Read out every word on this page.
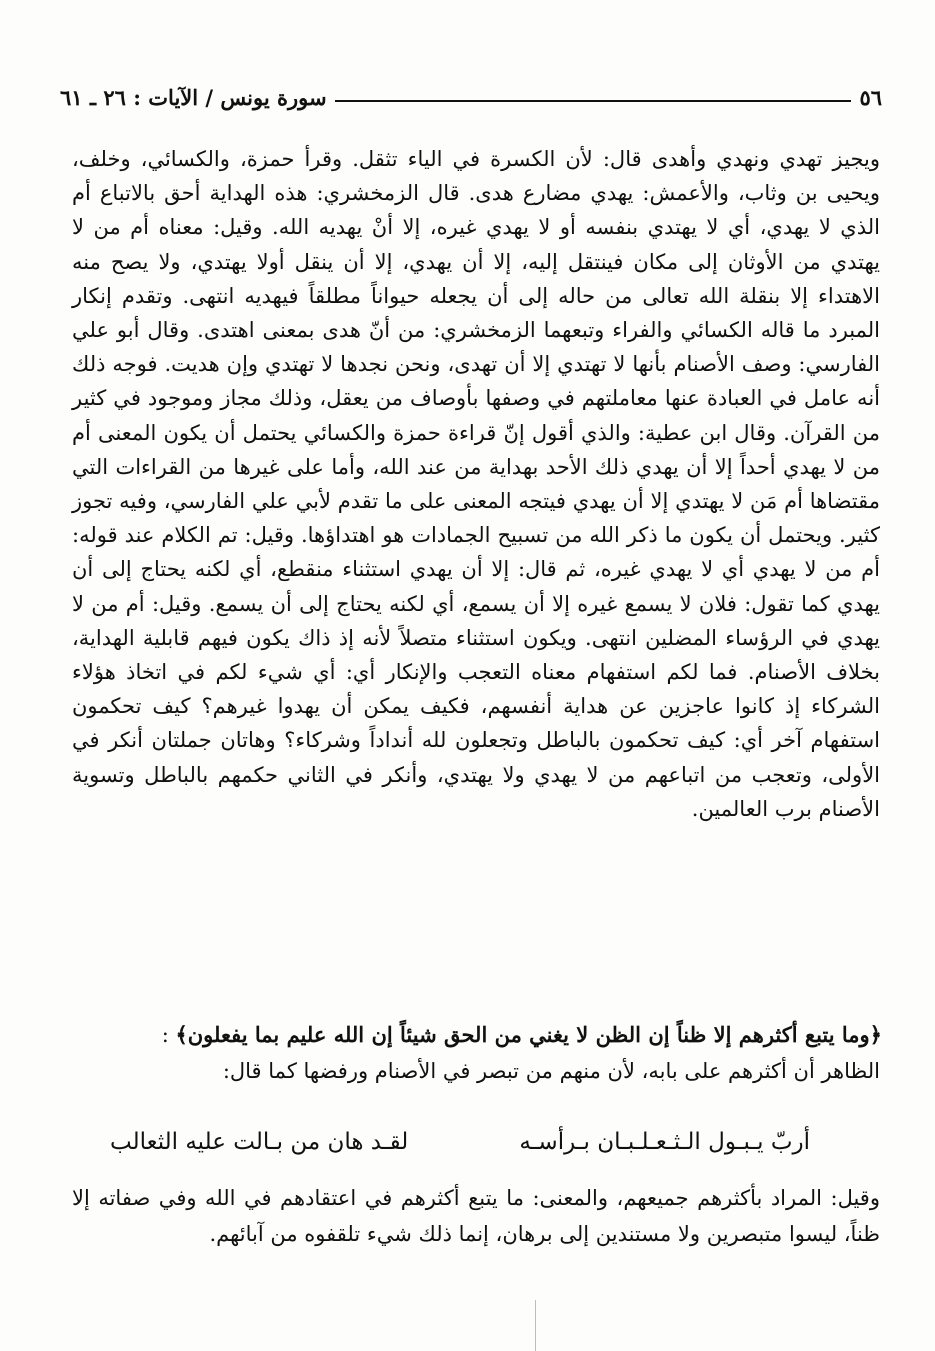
٥٦
سورة يونس / الآيات : ٢٦ ـ ٦١

ويجيز تهدي ونهدي وأهدى قال: لأن الكسرة في الياء تثقل. وقرأ حمزة، والكسائي، وخلف، ويحيى بن وثاب، والأعمش: يهدي مضارع هدى. قال الزمخشري: هذه الهداية أحق بالاتباع أم الذي لا يهدي، أي لا يهتدي بنفسه أو لا يهدي غيره، إلا أنْ يهديه الله. وقيل: معناه أم من لا يهتدي من الأوثان إلى مكان فينتقل إليه، إلا أن يهدي، إلا أن ينقل أولا يهتدي، ولا يصح منه الاهتداء إلا بنقلة الله تعالى من حاله إلى أن يجعله حيواناً مطلقاً فيهديه انتهى. وتقدم إنكار المبرد ما قاله الكسائي والفراء وتبعهما الزمخشري: من أنّ هدى بمعنى اهتدى. وقال أبو علي الفارسي: وصف الأصنام بأنها لا تهتدي إلا أن تهدى، ونحن نجدها لا تهتدي وإن هديت. فوجه ذلك أنه عامل في العبادة عنها معاملتهم في وصفها بأوصاف من يعقل، وذلك مجاز وموجود في كثير من القرآن. وقال ابن عطية: والذي أقول إنّ قراءة حمزة والكسائي يحتمل أن يكون المعنى أم من لا يهدي أحداً إلا أن يهدي ذلك الأحد بهداية من عند الله، وأما على غيرها من القراءات التي مقتضاها أم مَن لا يهتدي إلا أن يهدي فيتجه المعنى على ما تقدم لأبي علي الفارسي، وفيه تجوز كثير. ويحتمل أن يكون ما ذكر الله من تسبيح الجمادات هو اهتداؤها. وقيل: تم الكلام عند قوله: أم من لا يهدي أي لا يهدي غيره، ثم قال: إلا أن يهدي استثناء منقطع، أي لكنه يحتاج إلى أن يهدي كما تقول: فلان لا يسمع غيره إلا أن يسمع، أي لكنه يحتاج إلى أن يسمع. وقيل: أم من لا يهدي في الرؤساء المضلين انتهى. ويكون استثناء متصلاً لأنه إذ ذاك يكون فيهم قابلية الهداية، بخلاف الأصنام. فما لكم استفهام معناه التعجب والإنكار أي: أي شيء لكم في اتخاذ هؤلاء الشركاء إذ كانوا عاجزين عن هداية أنفسهم، فكيف يمكن أن يهدوا غيرهم؟ كيف تحكمون استفهام آخر أي: كيف تحكمون بالباطل وتجعلون لله أنداداً وشركاء؟ وهاتان جملتان أنكر في الأولى، وتعجب من اتباعهم من لا يهدي ولا يهتدي، وأنكر في الثاني حكمهم بالباطل وتسوية الأصنام برب العالمين.

﴿وما يتبع أكثرهم إلا ظناً إن الظن لا يغني من الحق شيئاً إن الله عليم بما يفعلون﴾ :
الظاهر أن أكثرهم على بابه، لأن منهم من تبصر في الأصنام ورفضها كما قال:
أربّ يـبـول الـثـعـلـبـان بـرأسـه
لقـد هان من بـالت عليه الثعالب
وقيل: المراد بأكثرهم جميعهم، والمعنى: ما يتبع أكثرهم في اعتقادهم في الله وفي صفاته إلا ظناً، ليسوا متبصرين ولا مستندين إلى برهان، إنما ذلك شيء تلقفوه من آبائهم.
